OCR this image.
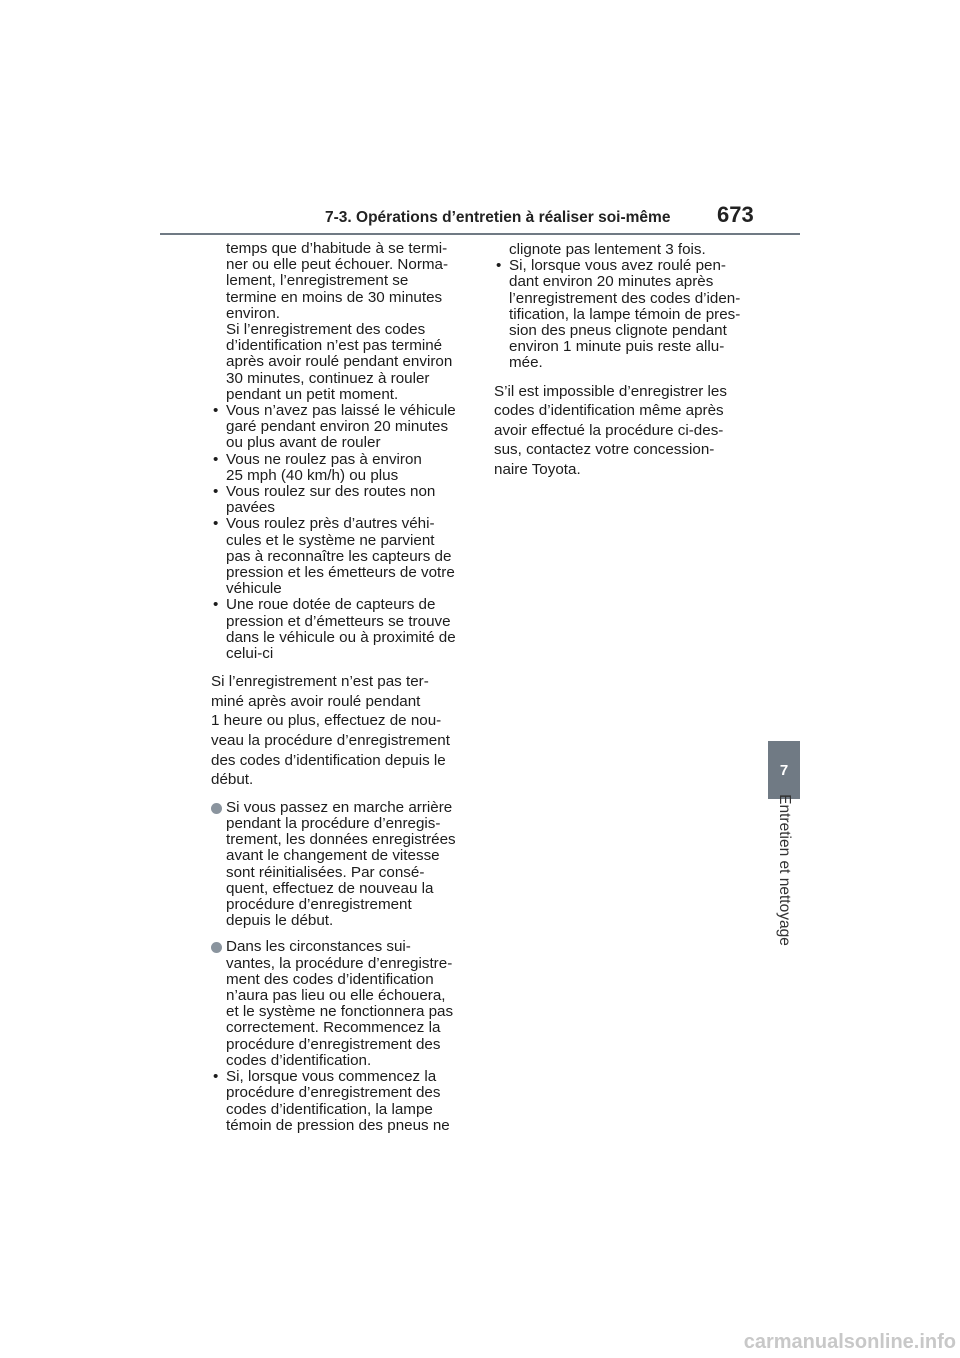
7-3. Opérations d’entretien à réaliser soi-même 673
7
Entretien et nettoyage
temps que d’habitude à se termi-
ner ou elle peut échouer. Norma-
lement, l’enregistrement se
termine en moins de 30 minutes
environ.
Si l’enregistrement des codes
d’identification n’est pas terminé
après avoir roulé pendant environ
30 minutes, continuez à rouler
pendant un petit moment.
• Vous n’avez pas laissé le véhicule
garé pendant environ 20 minutes
ou plus avant de rouler
• Vous ne roulez pas à environ
25 mph (40 km/h) ou plus
• Vous roulez sur des routes non
pavées
• Vous roulez près d’autres véhi-
cules et le système ne parvient
pas à reconnaître les capteurs de
pression et les émetteurs de votre
véhicule
• Une roue dotée de capteurs de
pression et d’émetteurs se trouve
dans le véhicule ou à proximité de
celui-ci
Si l’enregistrement n’est pas ter-
miné après avoir roulé pendant
1 heure ou plus, effectuez de nou-
veau la procédure d’enregistrement
des codes d’identification depuis le
début.
Si vous passez en marche arrière
pendant la procédure d’enregis-
trement, les données enregistrées
avant le changement de vitesse
sont réinitialisées. Par consé-
quent, effectuez de nouveau la
procédure d’enregistrement
depuis le début.
Dans les circonstances sui-
vantes, la procédure d’enregistre-
ment des codes d’identification
n’aura pas lieu ou elle échouera,
et le système ne fonctionnera pas
correctement. Recommencez la
procédure d’enregistrement des
codes d’identification.
• Si, lorsque vous commencez la
procédure d’enregistrement des
codes d’identification, la lampe
témoin de pression des pneus ne
clignote pas lentement 3 fois.
• Si, lorsque vous avez roulé pen-
dant environ 20 minutes après
l’enregistrement des codes d’iden-
tification, la lampe témoin de pres-
sion des pneus clignote pendant
environ 1 minute puis reste allu-
mée.
S’il est impossible d’enregistrer les
codes d’identification même après
avoir effectué la procédure ci-des-
sus, contactez votre concession-
naire Toyota.
carmanualsonline.info
